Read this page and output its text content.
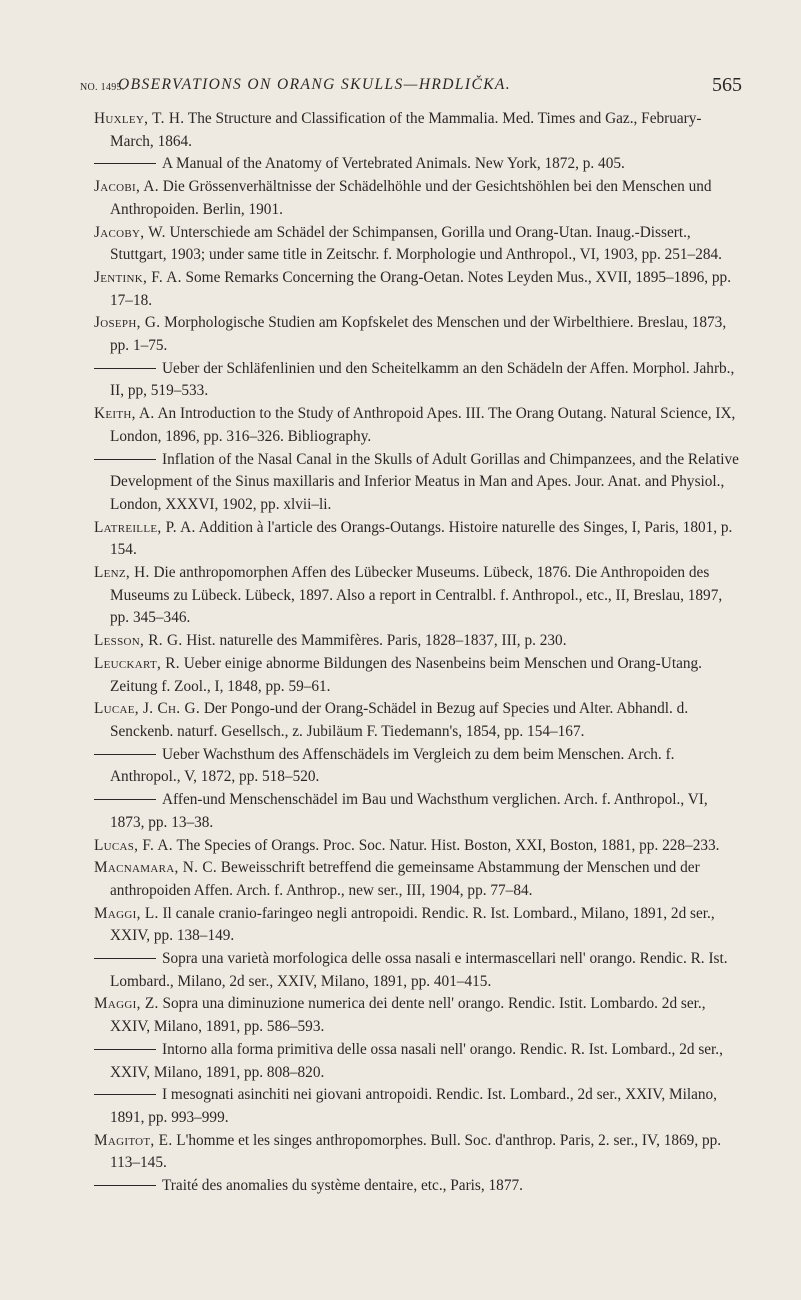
NO. 1495.
OBSERVATIONS ON ORANG SKULLS—HRDLIČKA.	565

Huxley, T. H. The Structure and Classification of the Mammalia. Med. Times and Gaz., February-March, 1864.

A Manual of the Anatomy of Vertebrated Animals. New York, 1872, p. 405.

Jacobi, A. Die Grössenverhältnisse der Schädelhöhle und der Gesichtshöhlen bei den Menschen und Anthropoiden. Berlin, 1901.

Jacoby, W. Unterschiede am Schädel der Schimpansen, Gorilla und Orang-Utan. Inaug.-Dissert., Stuttgart, 1903; under same title in Zeitschr. f. Morphologie und Anthropol., VI, 1903, pp. 251–284.

Jentink, F. A. Some Remarks Concerning the Orang-Oetan. Notes Leyden Mus., XVII, 1895–1896, pp. 17–18.

Joseph, G. Morphologische Studien am Kopfskelet des Menschen und der Wirbelthiere. Breslau, 1873, pp. 1–75.

Ueber der Schläfenlinien und den Scheitelkamm an den Schädeln der Affen. Morphol. Jahrb., II, pp, 519–533.

Keith, A. An Introduction to the Study of Anthropoid Apes. III. The Orang Outang. Natural Science, IX, London, 1896, pp. 316–326. Bibliography.

Inflation of the Nasal Canal in the Skulls of Adult Gorillas and Chimpanzees, and the Relative Development of the Sinus maxillaris and Inferior Meatus in Man and Apes. Jour. Anat. and Physiol., London, XXXVI, 1902, pp. xlvii–li.

Latreille, P. A. Addition à l'article des Orangs-Outangs. Histoire naturelle des Singes, I, Paris, 1801, p. 154.

Lenz, H. Die anthropomorphen Affen des Lübecker Museums. Lübeck, 1876. Die Anthropoiden des Museums zu Lübeck. Lübeck, 1897. Also a report in Centralbl. f. Anthropol., etc., II, Breslau, 1897, pp. 345–346.

Lesson, R. G. Hist. naturelle des Mammifères. Paris, 1828–1837, III, p. 230.

Leuckart, R. Ueber einige abnorme Bildungen des Nasenbeins beim Menschen und Orang-Utang. Zeitung f. Zool., I, 1848, pp. 59–61.

Lucae, J. Ch. G. Der Pongo-und der Orang-Schädel in Bezug auf Species und Alter. Abhandl. d. Senckenb. naturf. Gesellsch., z. Jubiläum F. Tiedemann's, 1854, pp. 154–167.

Ueber Wachsthum des Affenschädels im Vergleich zu dem beim Menschen. Arch. f. Anthropol., V, 1872, pp. 518–520.

Affen-und Menschenschädel im Bau und Wachsthum verglichen. Arch. f. Anthropol., VI, 1873, pp. 13–38.

Lucas, F. A. The Species of Orangs. Proc. Soc. Natur. Hist. Boston, XXI, Boston, 1881, pp. 228–233.

Macnamara, N. C. Beweisschrift betreffend die gemeinsame Abstammung der Menschen und der anthropoiden Affen. Arch. f. Anthrop., new ser., III, 1904, pp. 77–84.

Maggi, L. Il canale cranio-faringeo negli antropoidi. Rendic. R. Ist. Lombard., Milano, 1891, 2d ser., XXIV, pp. 138–149.

Sopra una varietà morfologica delle ossa nasali e intermascellari nell' orango. Rendic. R. Ist. Lombard., Milano, 2d ser., XXIV, Milano, 1891, pp. 401–415.

Maggi, Z. Sopra una diminuzione numerica dei dente nell' orango. Rendic. Istit. Lombardo. 2d ser., XXIV, Milano, 1891, pp. 586–593.

Intorno alla forma primitiva delle ossa nasali nell' orango. Rendic. R. Ist. Lombard., 2d ser., XXIV, Milano, 1891, pp. 808–820.

I mesognati asinchiti nei giovani antropoidi. Rendic. Ist. Lombard., 2d ser., XXIV, Milano, 1891, pp. 993–999.

Magitot, E. L'homme et les singes anthropomorphes. Bull. Soc. d'anthrop. Paris, 2. ser., IV, 1869, pp. 113–145.

Traité des anomalies du système dentaire, etc., Paris, 1877.
